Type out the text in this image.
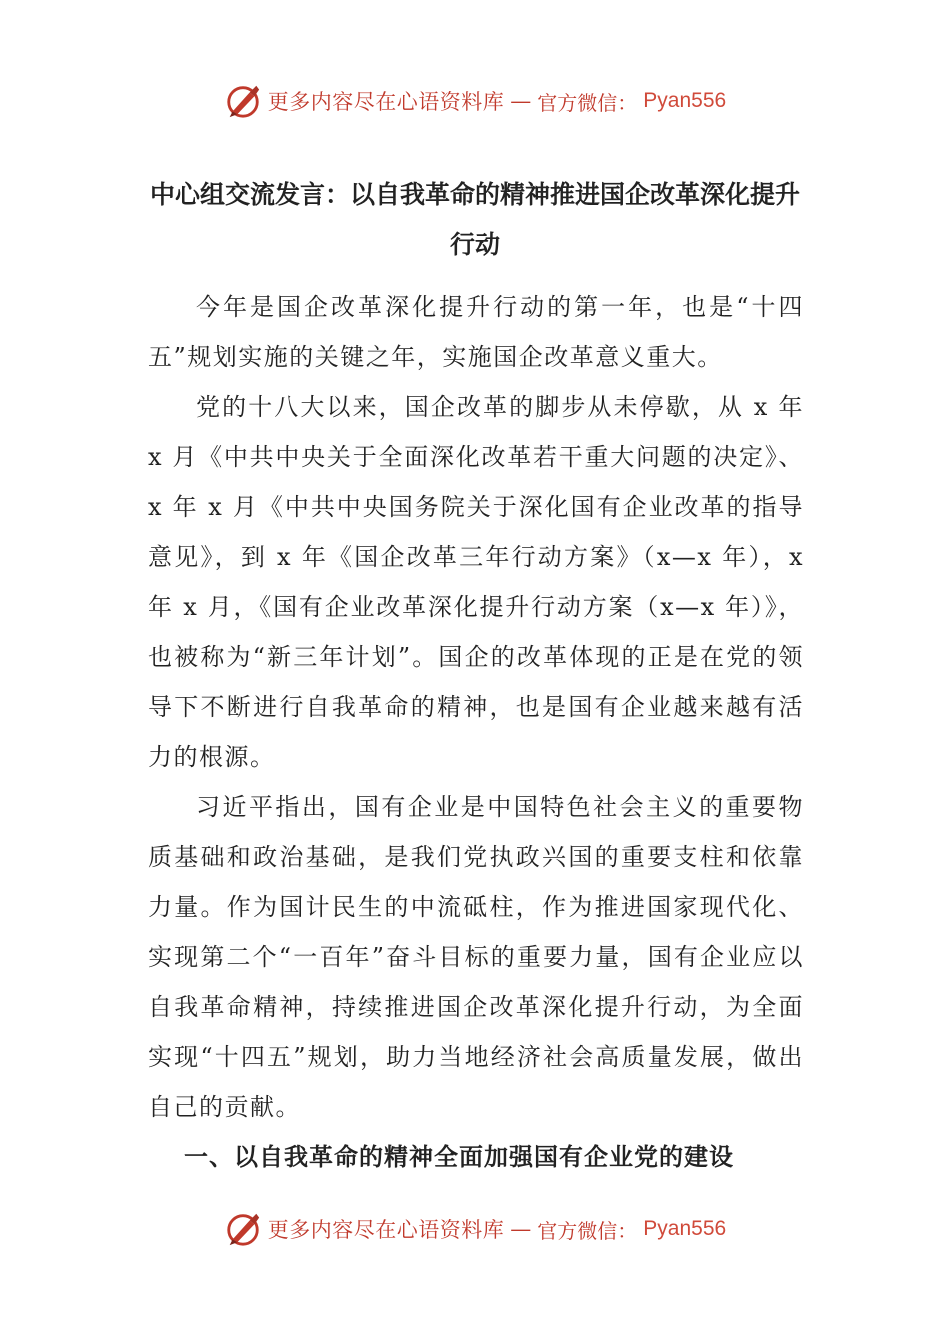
更多内容尽在心语资料库 — 官方微信： Pyan556
中心组交流发言：以自我革命的精神推进国企改革深化提升行动

今年是国企改革深化提升行动的第一年，也是“十四五”规划实施的关键之年，实施国企改革意义重大。

党的十八大以来，国企改革的脚步从未停歇，从 x 年 x 月《中共中央关于全面深化改革若干重大问题的决定》、x 年 x 月《中共中央国务院关于深化国有企业改革的指导意见》，到 x 年《国企改革三年行动方案》（x—x 年），x 年 x 月，《国有企业改革深化提升行动方案（x—x 年）》，也被称为“新三年计划”。国企的改革体现的正是在党的领导下不断进行自我革命的精神，也是国有企业越来越有活力的根源。

习近平指出，国有企业是中国特色社会主义的重要物质基础和政治基础，是我们党执政兴国的重要支柱和依靠力量。作为国计民生的中流砥柱，作为推进国家现代化、实现第二个“一百年”奋斗目标的重要力量，国有企业应以自我革命精神，持续推进国企改革深化提升行动，为全面实现“十四五”规划，助力当地经济社会高质量发展，做出自己的贡献。

一、以自我革命的精神全面加强国有企业党的建设
更多内容尽在心语资料库 — 官方微信： Pyan556
